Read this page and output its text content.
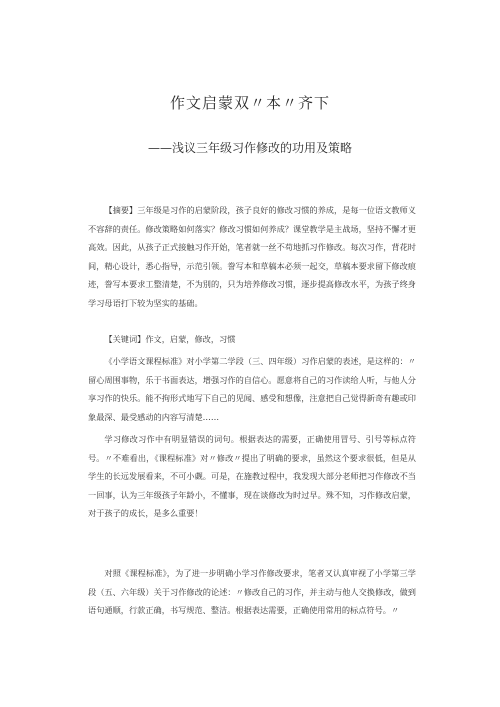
作文启蒙双〃本〃齐下
——浅议三年级习作修改的功用及策略

【摘要】三年级是习作的启蒙阶段，孩子良好的修改习惯的养成，是每一位语文教师义不容辞的责任。修改策略如何落实？修改习惯如何养成？课堂教学是主战场，坚持不懈才更高效。因此，从孩子正式接触习作开始，笔者就一丝不苟地抓习作修改。每次习作，背花时间，精心设计，悉心指导，示范引领。誊写本和草稿本必须一起交，草稿本要求留下修改痕迹，誊写本要求工整清楚，不为別的，只为培养修改习惯，逐步提高修改水平，为孩子终身学习母语打下较为坚实的基础。

【关键词】作文，启蒙，修改，习惯

《小学语文课程标准》对小学第二学段（三、四年级）习作启蒙的表述，是这样的：〃留心周围事物，乐于书面表达，增强习作的自信心。愿意将自己的习作读给人听，与他人分享习作的快乐。能不拘形式地写下自己的见闻、感受和想像，注意把自己觉得新奇有趣或印象最深、最受感动的内容写清楚……

学习修改习作中有明显错误的词句。根据表达的需要，正确使用冒号、引号等标点符号。〃不难看出，《课程标准》对〃修改〃提出了明确的要求，虽然这个要求很低，但是从学生的长远发展看来，不可小觑。可是，在施教过程中，我发现大部分老师把习作修改不当一回事，认为三年级孩子年龄小，不懂事，现在谈修改为时过早。殊不知，习作修改启蒙，对于孩子的成长，是多么重要！

对照《课程标准》，为了进一步明确小学习作修改要求，笔者又认真审视了小学第三学段（五、六年级）关于习作修改的论述：〃修改自己的习作，并主动与他人交换修改，做到语句通顺，行款正确，书写规范、整洁。根据表达需要，正确使用常用的标点符号。〃
